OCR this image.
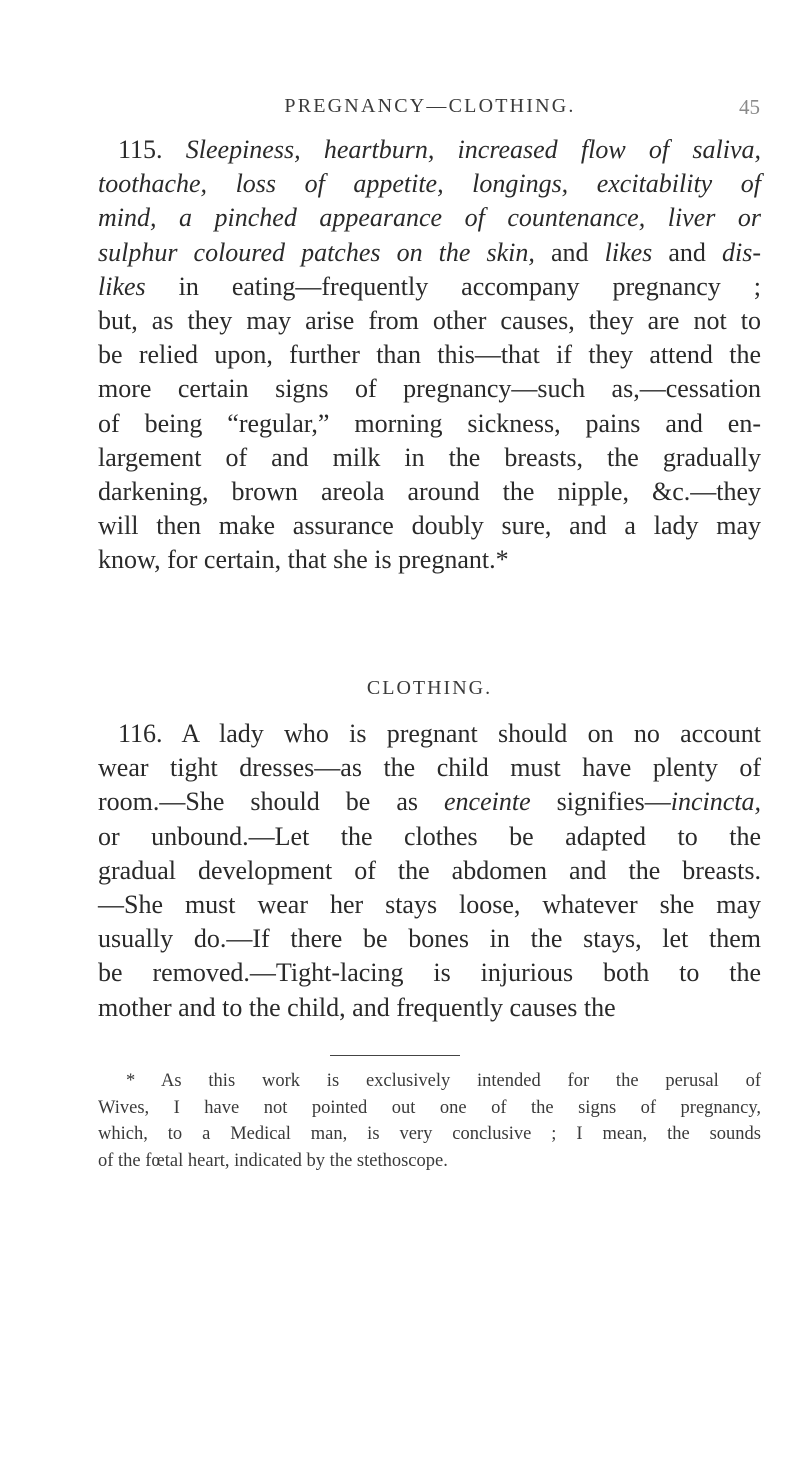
PREGNANCY—CLOTHING.	45
115. Sleepiness, heartburn, increased flow of saliva,
toothache, loss of appetite, longings, excitability of
mind, a pinched appearance of countenance, liver or
sulphur coloured patches on the skin, and likes and dis-
likes in eating—frequently accompany pregnancy ;
but, as they may arise from other causes, they are not to
be relied upon, further than this—that if they attend the
more certain signs of pregnancy—such as,—cessation
of being “regular,” morning sickness, pains and en-
largement of and milk in the breasts, the gradually
darkening, brown areola around the nipple, &c.—they
will then make assurance doubly sure, and a lady may
know, for certain, that she is pregnant.*
CLOTHING.
116. A lady who is pregnant should on no account
wear tight dresses—as the child must have plenty of
room.—She should be as enceinte signifies—incincta,
or unbound.—Let the clothes be adapted to the
gradual development of the abdomen and the breasts.
—She must wear her stays loose, whatever she may
usually do.—If there be bones in the stays, let them
be removed.—Tight-lacing is injurious both to the
mother and to the child, and frequently causes the
* As this work is exclusively intended for the perusal of
Wives, I have not pointed out one of the signs of pregnancy,
which, to a Medical man, is very conclusive ; I mean, the sounds
of the fœtal heart, indicated by the stethoscope.
